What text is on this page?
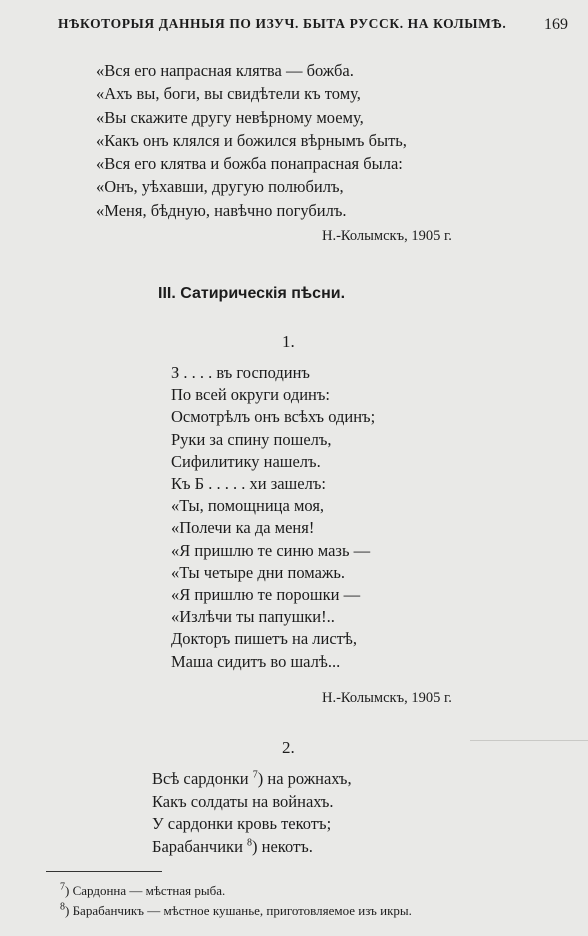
НѢКОТОРЫЯ ДАННЫЯ ПО ИЗУЧ. БЫТА РУССК. НА КОЛЫМѢ. 169
«Вся его напрасная клятва — божба.
«Ахъ вы, боги, вы свидѣтели къ тому,
«Вы скажите другу невѣрному моему,
«Какъ онъ клялся и божился вѣрнымъ быть,
«Вся его клятва и божба понапрасная была:
«Онъ, уѣхавши, другую полюбилъ,
«Меня, бѣдную, навѣчно погубилъ.
Н.-Колымскъ, 1905 г.
III. Сатирическія пѣсни.
1.
З . . . . въ господинъ
По всей округи одинъ:
Осмотрѣлъ онъ всѣхъ одинъ;
Руки за спину пошелъ,
Сифилитику нашелъ.
Къ Б . . . . . хи зашелъ:
«Ты, помощница моя,
«Полечи ка да меня!
«Я пришлю те синю мазь —
«Ты четыре дни помажь.
«Я пришлю те порошки —
«Излѣчи ты папушки!..
Докторъ пишетъ на листѣ,
Маша сидитъ во шалѣ...
Н.-Колымскъ, 1905 г.
2.
Всѣ сардонки $^7$) на рожнахъ,
Какъ солдаты на войнахъ.
У сардонки кровь текотъ;
Барабанчики $^8$) некотъ.
$^7$) Сардонна — мѣстная рыба.
$^8$) Барабанчикъ — мѣстное кушанье, приготовляемое изъ икры.
